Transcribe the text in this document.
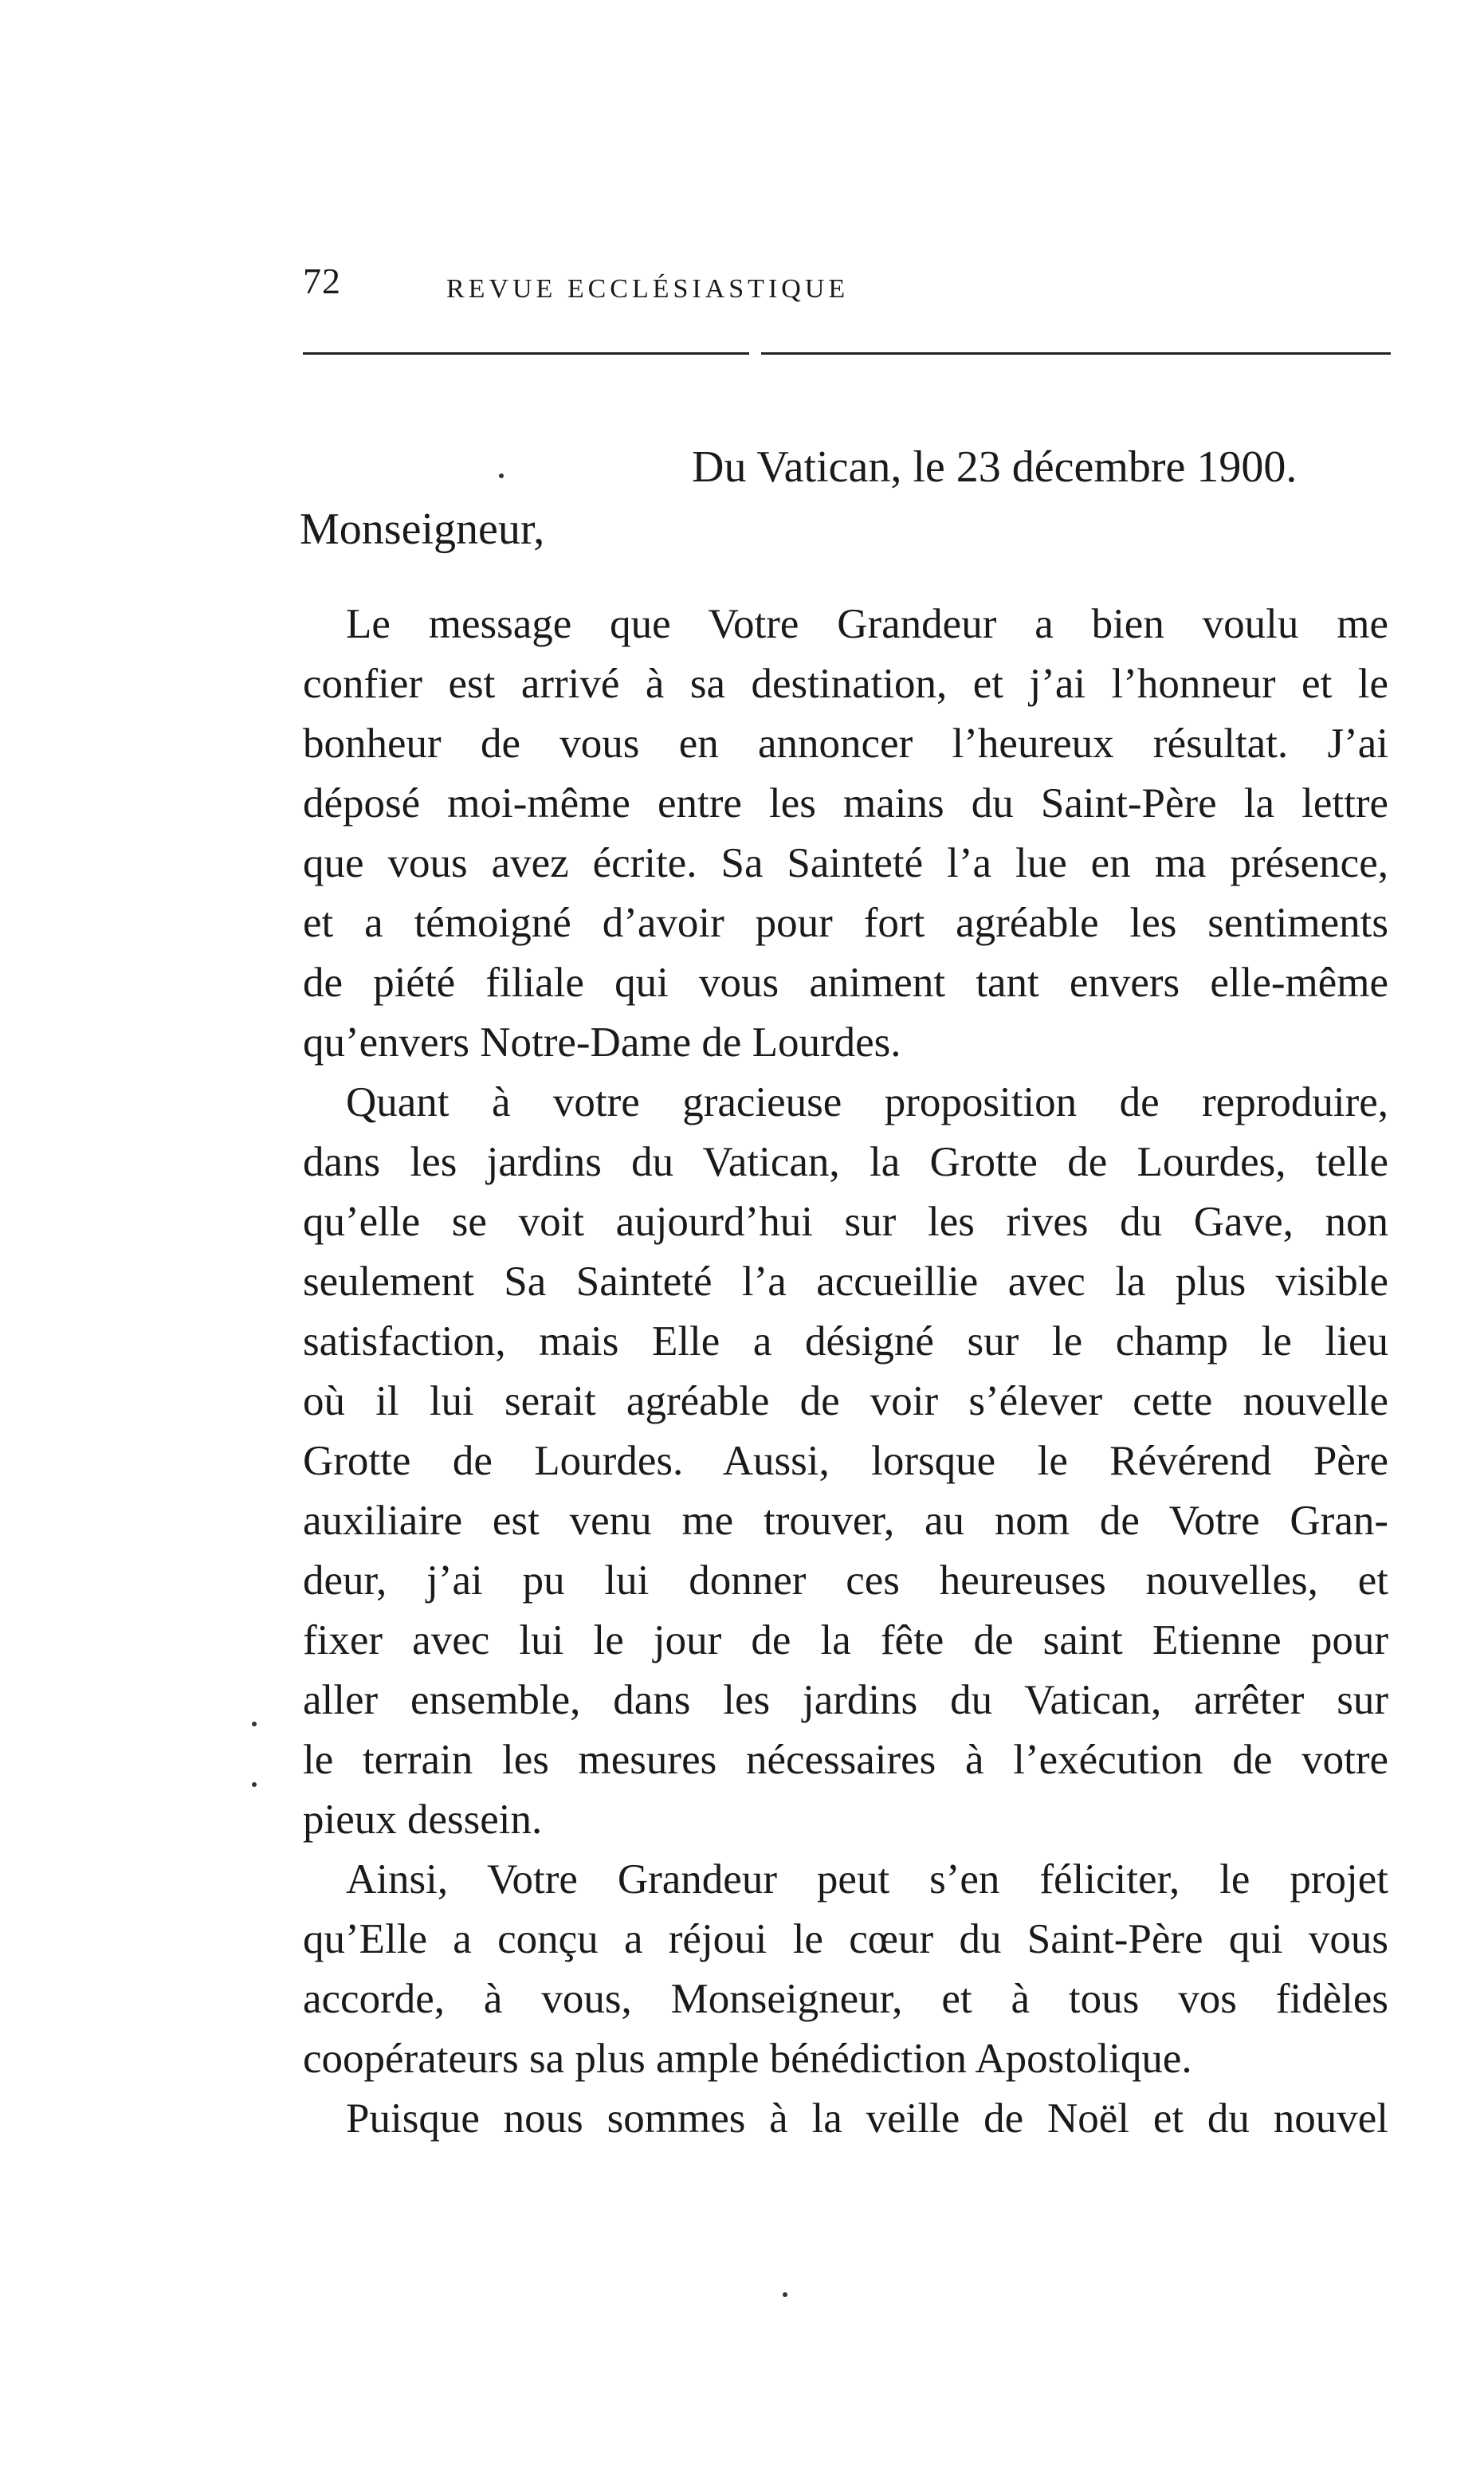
72	REVUE ECCLÉSIASTIQUE
Du Vatican, le 23 décembre 1900.
Monseigneur,
Le message que Votre Grandeur a bien voulu me
confier est arrivé à sa destination, et j’ai l’honneur et le
bonheur de vous en annoncer l’heureux résultat. J’ai
déposé moi-même entre les mains du Saint-Père la lettre
que vous avez écrite. Sa Sainteté l’a lue en ma présence,
et a témoigné d’avoir pour fort agréable les sentiments
de piété filiale qui vous animent tant envers elle-même
qu’envers Notre-Dame de Lourdes.
Quant à votre gracieuse proposition de reproduire,
dans les jardins du Vatican, la Grotte de Lourdes, telle
qu’elle se voit aujourd’hui sur les rives du Gave, non
seulement Sa Sainteté l’a accueillie avec la plus visible
satisfaction, mais Elle a désigné sur le champ le lieu
où il lui serait agréable de voir s’élever cette nouvelle
Grotte de Lourdes. Aussi, lorsque le Révérend Père
auxiliaire est venu me trouver, au nom de Votre Gran-
deur, j’ai pu lui donner ces heureuses nouvelles, et
fixer avec lui le jour de la fête de saint Etienne pour
aller ensemble, dans les jardins du Vatican, arrêter sur
le terrain les mesures nécessaires à l’exécution de votre
pieux dessein.
Ainsi, Votre Grandeur peut s’en féliciter, le projet
qu’Elle a conçu a réjoui le cœur du Saint-Père qui vous
accorde, à vous, Monseigneur, et à tous vos fidèles
coopérateurs sa plus ample bénédiction Apostolique.
Puisque nous sommes à la veille de Noël et du nouvel
